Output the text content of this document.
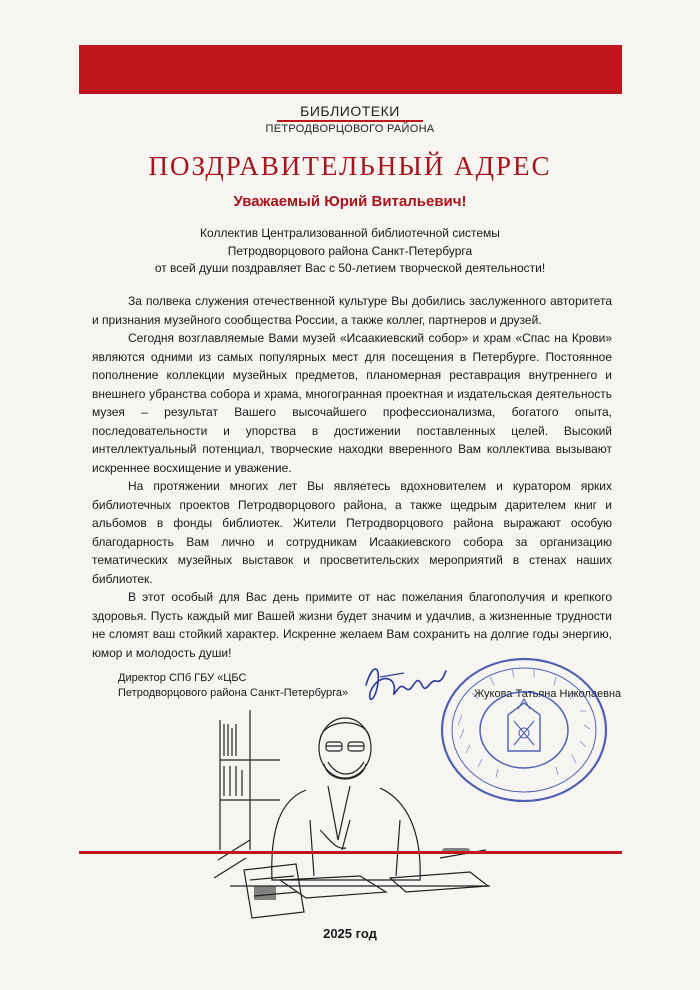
БИБЛИОТЕКИ
ПЕТРОДВОРЦОВОГО РАЙОНА
ПОЗДРАВИТЕЛЬНЫЙ АДРЕС
Уважаемый Юрий Витальевич!
Коллектив Централизованной библиотечной системы
Петродворцового района Санкт-Петербурга
от всей души поздравляет Вас с 50-летием творческой деятельности!

За полвека служения отечественной культуре Вы добились заслуженного авторитета и признания музейного сообщества России, а также коллег, партнеров и друзей.

Сегодня возглавляемые Вами музей «Исаакиевский собор» и храм «Спас на Крови» являются одними из самых популярных мест для посещения в Петербурге. Постоянное пополнение коллекции музейных предметов, планомерная реставрация внутреннего и внешнего убранства собора и храма, многогранная проектная и издательская деятельность музея – результат Вашего высочайшего профессионализма, богатого опыта, последовательности и упорства в достижении поставленных целей. Высокий интеллектуальный потенциал, творческие находки вверенного Вам коллектива вызывают искреннее восхищение и уважение.

На протяжении многих лет Вы являетесь вдохновителем и куратором ярких библиотечных проектов Петродворцового района, а также щедрым дарителем книг и альбомов в фонды библиотек. Жители Петродворцового района выражают особую благодарность Вам лично и сотрудникам Исаакиевского собора за организацию тематических музейных выставок и просветительских мероприятий в стенах наших библиотек.

В этот особый для Вас день примите от нас пожелания благополучия и крепкого здоровья. Пусть каждый миг Вашей жизни будет значим и удачлив, а жизненные трудности не сломят ваш стойкий характер. Искренне желаем Вам сохранить на долгие годы энергию, юмор и молодость души!

Директор СПб ГБУ «ЦБС
Петродворцового района Санкт-Петербурга»	Жукова Татьяна Николаевна
2025 год
